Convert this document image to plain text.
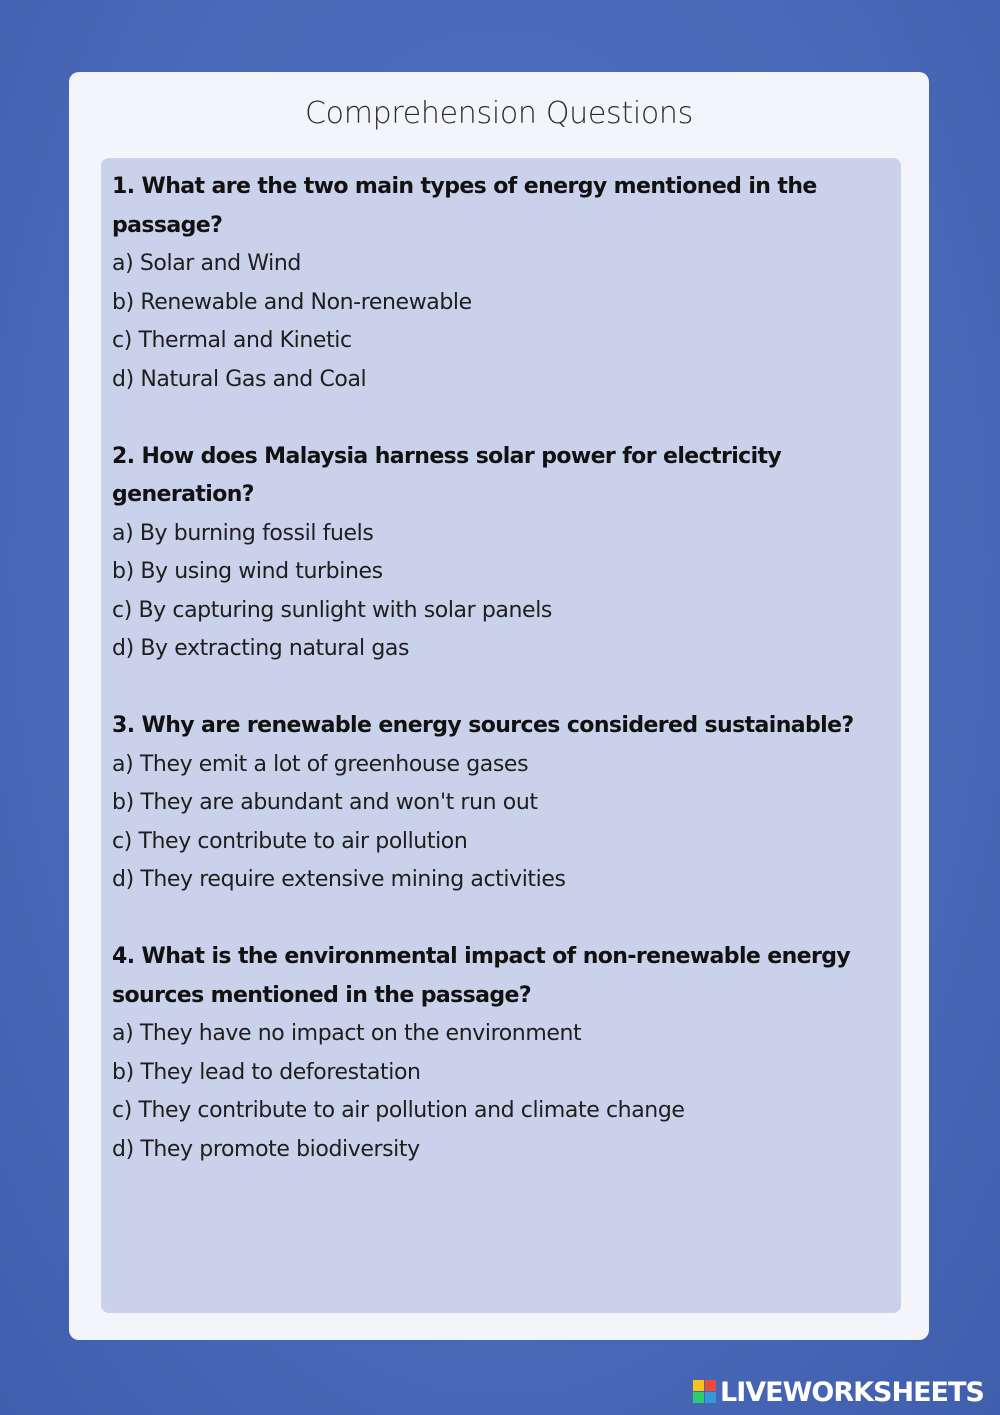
Comprehension Questions

1. What are the two main types of energy mentioned in the

passage?

a) Solar and Wind

b) Renewable and Non-renewable

c) Thermal and Kinetic

d) Natural Gas and Coal

2. How does Malaysia harness solar power for electricity

generation?

a) By burning fossil fuels

b) By using wind turbines

c) By capturing sunlight with solar panels

d) By extracting natural gas

3. Why are renewable energy sources considered sustainable?

a) They emit a lot of greenhouse gases

b) They are abundant and won't run out

c) They contribute to air pollution

d) They require extensive mining activities

4. What is the environmental impact of non-renewable energy

sources mentioned in the passage?

a) They have no impact on the environment

b) They lead to deforestation

c) They contribute to air pollution and climate change

d) They promote biodiversity

LIVEWORKSHEETS
